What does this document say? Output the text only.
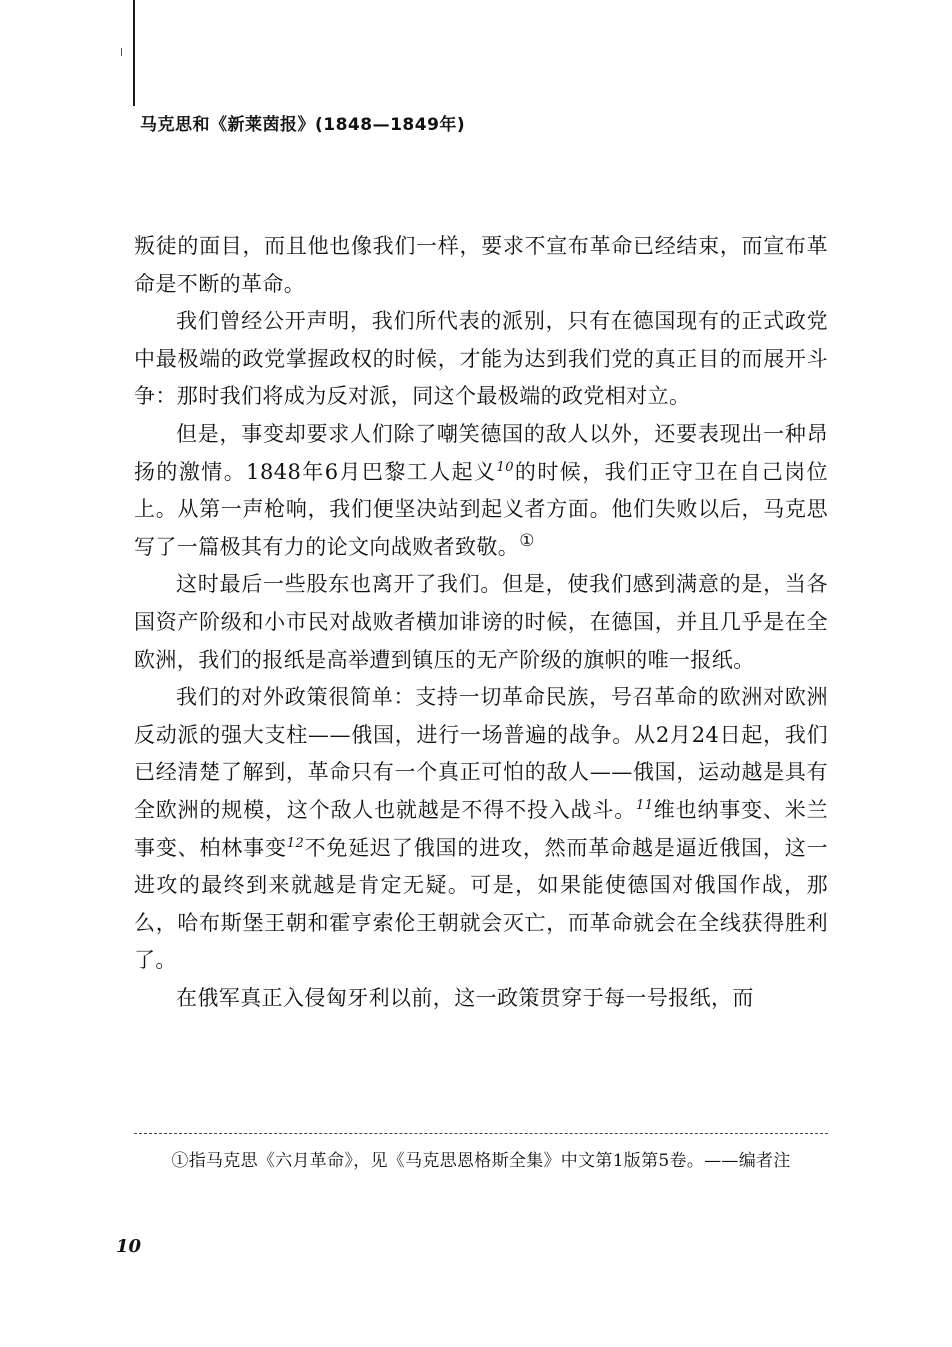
马克思和《新莱茵报》(1848—1849年)

叛徒的面目，而且他也像我们一样，要求不宣布革命已经结束，而宣布革命是不断的革命。

我们曾经公开声明，我们所代表的派别，只有在德国现有的正式政党中最极端的政党掌握政权的时候，才能为达到我们党的真正目的而展开斗争：那时我们将成为反对派，同这个最极端的政党相对立。

但是，事变却要求人们除了嘲笑德国的敌人以外，还要表现出一种昂扬的激情。1848年6月巴黎工人起义$^{10}$的时候，我们正守卫在自己岗位上。从第一声枪响，我们便坚决站到起义者方面。他们失败以后，马克思写了一篇极其有力的论文向战败者致敬。①

这时最后一些股东也离开了我们。但是，使我们感到满意的是，当各国资产阶级和小市民对战败者横加诽谤的时候，在德国，并且几乎是在全欧洲，我们的报纸是高举遭到镇压的无产阶级的旗帜的唯一报纸。

我们的对外政策很简单：支持一切革命民族，号召革命的欧洲对欧洲反动派的强大支柱——俄国，进行一场普遍的战争。从2月24日起，我们已经清楚了解到，革命只有一个真正可怕的敌人——俄国，运动越是具有全欧洲的规模，这个敌人也就越是不得不投入战斗。$^{11}$维也纳事变、米兰事变、柏林事变$^{12}$不免延迟了俄国的进攻，然而革命越是逼近俄国，这一进攻的最终到来就越是肯定无疑。可是，如果能使德国对俄国作战，那么，哈布斯堡王朝和霍亨索伦王朝就会灭亡，而革命就会在全线获得胜利了。

在俄军真正入侵匈牙利以前，这一政策贯穿于每一号报纸，而

①指马克思《六月革命》，见《马克思恩格斯全集》中文第1版第5卷。——编者注
10
